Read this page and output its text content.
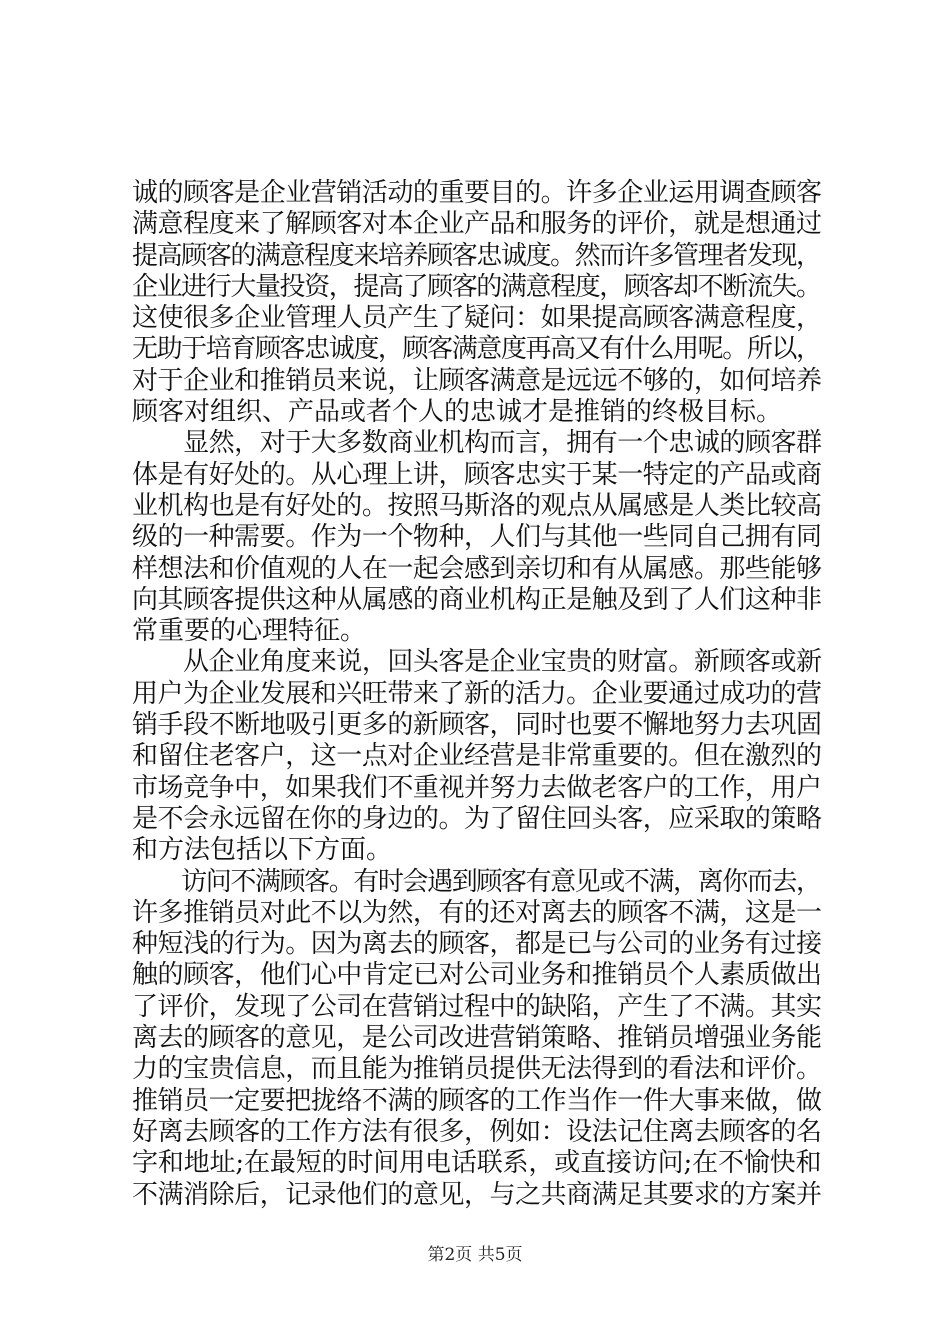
诚的顾客是企业营销活动的重要目的。许多企业运用调查顾客
满意程度来了解顾客对本企业产品和服务的评价，就是想通过
提高顾客的满意程度来培养顾客忠诚度。然而许多管理者发现，
企业进行大量投资，提高了顾客的满意程度，顾客却不断流失。
这使很多企业管理人员产生了疑问：如果提高顾客满意程度，
无助于培育顾客忠诚度，顾客满意度再高又有什么用呢。所以，
对于企业和推销员来说，让顾客满意是远远不够的，如何培养
顾客对组织、产品或者个人的忠诚才是推销的终极目标。
　　显然，对于大多数商业机构而言，拥有一个忠诚的顾客群
体是有好处的。从心理上讲，顾客忠实于某一特定的产品或商
业机构也是有好处的。按照马斯洛的观点从属感是人类比较高
级的一种需要。作为一个物种，人们与其他一些同自己拥有同
样想法和价值观的人在一起会感到亲切和有从属感。那些能够
向其顾客提供这种从属感的商业机构正是触及到了人们这种非
常重要的心理特征。
　　从企业角度来说，回头客是企业宝贵的财富。新顾客或新
用户为企业发展和兴旺带来了新的活力。企业要通过成功的营
销手段不断地吸引更多的新顾客，同时也要不懈地努力去巩固
和留住老客户，这一点对企业经营是非常重要的。但在激烈的
市场竞争中，如果我们不重视并努力去做老客户的工作，用户
是不会永远留在你的身边的。为了留住回头客，应采取的策略
和方法包括以下方面。
　　访问不满顾客。有时会遇到顾客有意见或不满，离你而去，
许多推销员对此不以为然，有的还对离去的顾客不满，这是一
种短浅的行为。因为离去的顾客，都是已与公司的业务有过接
触的顾客，他们心中肯定已对公司业务和推销员个人素质做出
了评价，发现了公司在营销过程中的缺陷，产生了不满。其实
离去的顾客的意见，是公司改进营销策略、推销员增强业务能
力的宝贵信息，而且能为推销员提供无法得到的看法和评价。
推销员一定要把拢络不满的顾客的工作当作一件大事来做，做
好离去顾客的工作方法有很多，例如：设法记住离去顾客的名
字和地址;在最短的时间用电话联系，或直接访问;在不愉快和
不满消除后，记录他们的意见，与之共商满足其要求的方案并
第2页 共5页
